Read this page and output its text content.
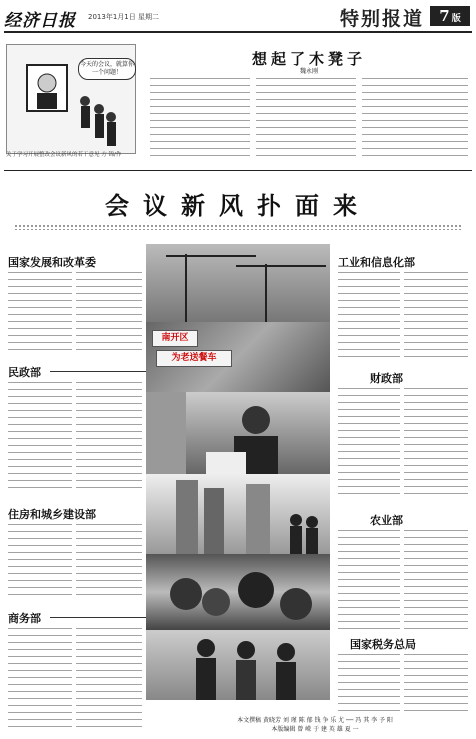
经济日报 2013年1月1日 星期二	特别报道	7 版
今天的会议，就算你一个问题！
关于学习开展整改会议新风的若干意见 方 锦/作
想起了木凳子
魏永刚
会议新风扑面来
南开区
为老送餐车
国家发展和改革委
民政部
住房和城乡建设部
商务部
工业和信息化部
财政部
农业部
国家税务总局
本文撰稿 黄晓芳 刘 瑾 陈 郁 钱 争 乐 尤 ── 冯 其 李 予 阳
本版编辑 曾 嵘 于 建 英 雄 夏 一
